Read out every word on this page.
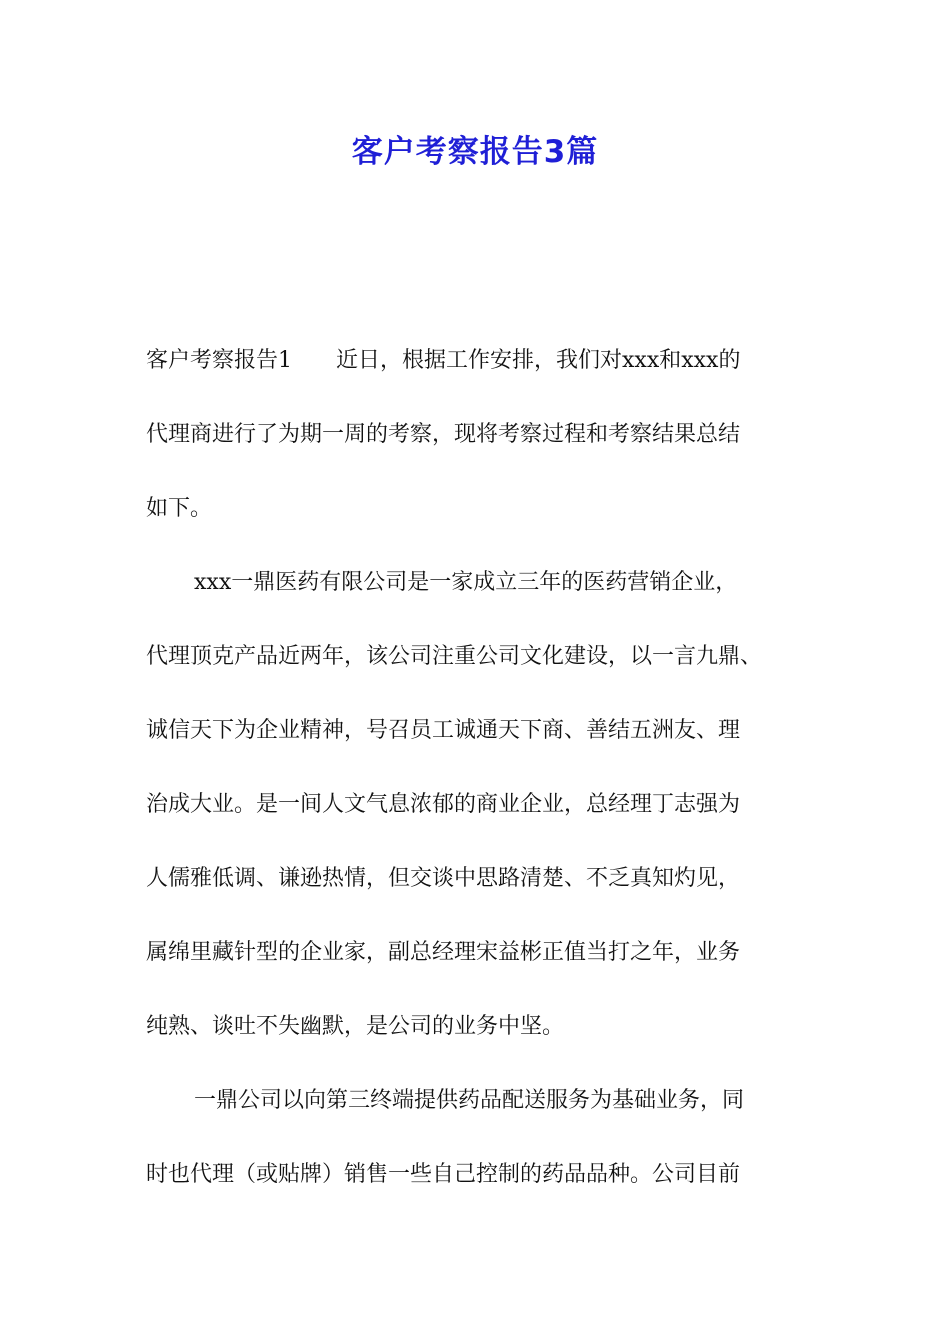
客户考察报告3篇
客户考察报告1 近日，根据工作安排，我们对xxx和xxx的
代理商进行了为期一周的考察，现将考察过程和考察结果总结
如下。
xxx一鼎医药有限公司是一家成立三年的医药营销企业，
代理顶克产品近两年，该公司注重公司文化建设，以一言九鼎、
诚信天下为企业精神，号召员工诚通天下商、善结五洲友、理
治成大业。是一间人文气息浓郁的商业企业，总经理丁志强为
人儒雅低调、谦逊热情，但交谈中思路清楚、不乏真知灼见，
属绵里藏针型的企业家，副总经理宋益彬正值当打之年，业务
纯熟、谈吐不失幽默，是公司的业务中坚。
一鼎公司以向第三终端提供药品配送服务为基础业务，同
时也代理（或贴牌）销售一些自己控制的药品品种。公司目前
